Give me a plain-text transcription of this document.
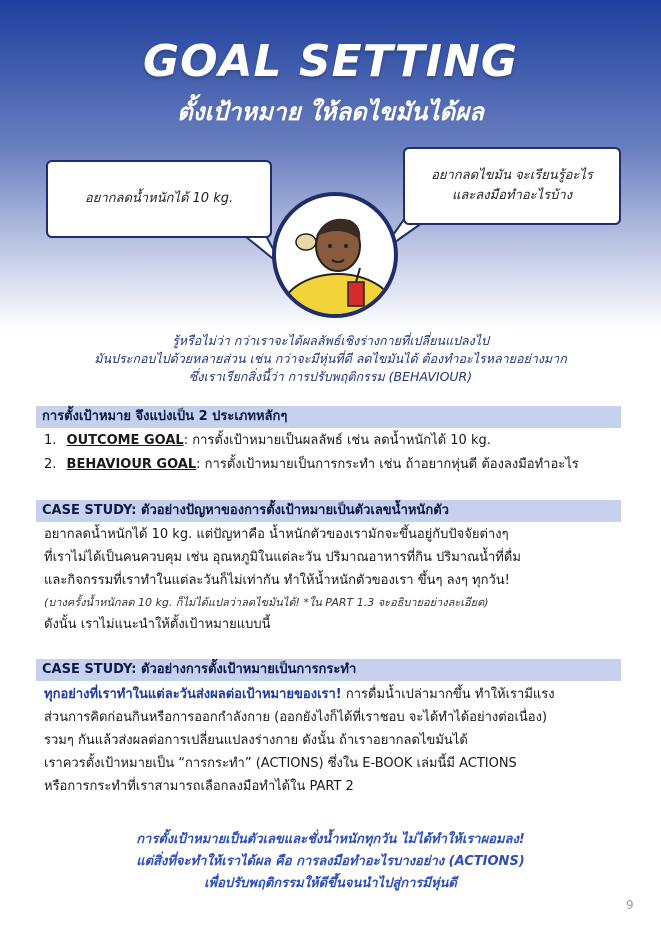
GOAL SETTING
ตั้งเป้าหมาย ให้ลดไขมันได้ผล
อยากลดน้ำหนักได้ 10 kg.
อยากลดไขมัน จะเรียนรู้อะไร
และลงมือทำอะไรบ้าง
รู้หรือไม่ว่า กว่าเราจะได้ผลลัพธ์เชิงร่างกายที่เปลี่ยนแปลงไป
มันประกอบไปด้วยหลายส่วน เช่น กว่าจะมีหุ่นที่ดี ลดไขมันได้ ต้องทำอะไรหลายอย่างมาก
ซึ่งเราเรียกสิ่งนี้ว่า การปรับพฤติกรรม (BEHAVIOUR)
การตั้งเป้าหมาย จึงแบ่งเป็น 2 ประเภทหลักๆ
1. OUTCOME GOAL: การตั้งเป้าหมายเป็นผลลัพธ์ เช่น ลดน้ำหนักได้ 10 kg.
2. BEHAVIOUR GOAL: การตั้งเป้าหมายเป็นการกระทำ เช่น ถ้าอยากหุ่นดี ต้องลงมือทำอะไร
CASE STUDY: ตัวอย่างปัญหาของการตั้งเป้าหมายเป็นตัวเลขน้ำหนักตัว
อยากลดน้ำหนักได้ 10 kg. แต่ปัญหาคือ น้ำหนักตัวของเรามักจะขึ้นอยู่กับปัจจัยต่างๆ
ที่เราไม่ได้เป็นคนควบคุม เช่น อุณหภูมิในแต่ละวัน ปริมาณอาหารที่กิน ปริมาณน้ำที่ดื่ม
และกิจกรรมที่เราทำในแต่ละวันก็ไม่เท่ากัน ทำให้น้ำหนักตัวของเรา ขึ้นๆ ลงๆ ทุกวัน!
(บางครั้งน้ำหนักลด 10 kg. ก็ไม่ได้แปลว่าลดไขมันได้! *ใน PART 1.3 จะอธิบายอย่างละเอียด)
ดังนั้น เราไม่แนะนำให้ตั้งเป้าหมายแบบนี้
CASE STUDY: ตัวอย่างการตั้งเป้าหมายเป็นการกระทำ
ทุกอย่างที่เราทำในแต่ละวันส่งผลต่อเป้าหมายของเรา! การดื่มน้ำเปล่ามากขึ้น ทำให้เรามีแรง
ส่วนการคิดก่อนกินหรือการออกกำลังกาย (ออกยังไงก็ได้ที่เราชอบ จะได้ทำได้อย่างต่อเนื่อง)
รวมๆ กันแล้วส่งผลต่อการเปลี่ยนแปลงร่างกาย ดังนั้น ถ้าเราอยากลดไขมันได้
เราควรตั้งเป้าหมายเป็น “การกระทำ” (ACTIONS) ซึ่งใน E-BOOK เล่มนี้มี ACTIONS
หรือการกระทำที่เราสามารถเลือกลงมือทำได้ใน PART 2
การตั้งเป้าหมายเป็นตัวเลขและชั่งน้ำหนักทุกวัน ไม่ได้ทำให้เราผอมลง!
แต่สิ่งที่จะทำให้เราได้ผล คือ การลงมือทำอะไรบางอย่าง (ACTIONS)
เพื่อปรับพฤติกรรมให้ดีขึ้นจนนำไปสู่การมีหุ่นดี
9
